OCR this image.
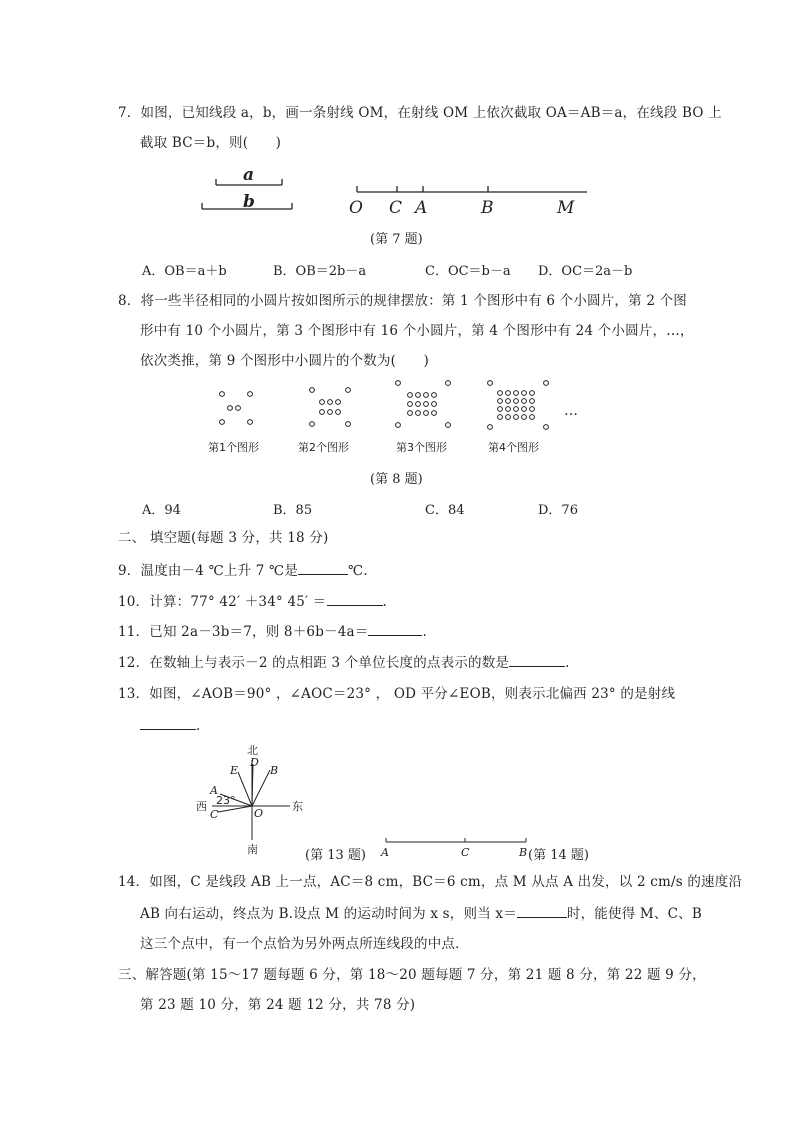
7．如图，已知线段 a，b，画一条射线 OM，在射线 OM 上依次截取 OA＝AB＝a，在线段 BO 上
截取 BC＝b，则(　　)
a
b	O C A	B	M
(第 7 题)
A．OB＝a＋b	B．OB＝2b－a	C．OC＝b－a D．OC＝2a－b
8．将一些半径相同的小圆片按如图所示的规律摆放：第 1 个图形中有 6 个小圆片，第 2 个图
形中有 10 个小圆片，第 3 个图形中有 16 个小圆片，第 4 个图形中有 24 个小圆片，…，
依次类推，第 9 个图形中小圆片的个数为(　　)
…
第1个图形	第2个图形	第3个图形	第4个图形
(第 8 题)
A．94	B．85	C．84	D．76
二、 填空题(每题 3 分，共 18 分)
9．温度由－4 ℃上升 7 ℃是	℃.
10．计算：77° 42′ ＋34° 45′ ＝	.
11．已知 2a－3b＝7，则 8＋6b－4a＝	.
12．在数轴上与表示－2 的点相距 3 个单位长度的点表示的数是	.
13．如图，∠AOB＝90° ，∠AOC＝23° ， OD 平分∠EOB，则表示北偏西 23° 的是射线
.
北
南
西	东
D
E	B
A
C	O
23°
(第 13 题) A	C	B (第 14 题)
14．如图，C 是线段 AB 上一点，AC＝8 cm，BC＝6 cm，点 M 从点 A 出发，以 2 cm/s 的速度沿
AB 向右运动，终点为 B.设点 M 的运动时间为 x s，则当 x＝	时，能使得 M、C、B
这三个点中，有一个点恰为另外两点所连线段的中点．
三、解答题(第 15～17 题每题 6 分，第 18～20 题每题 7 分，第 21 题 8 分，第 22 题 9 分，
第 23 题 10 分，第 24 题 12 分，共 78 分)
